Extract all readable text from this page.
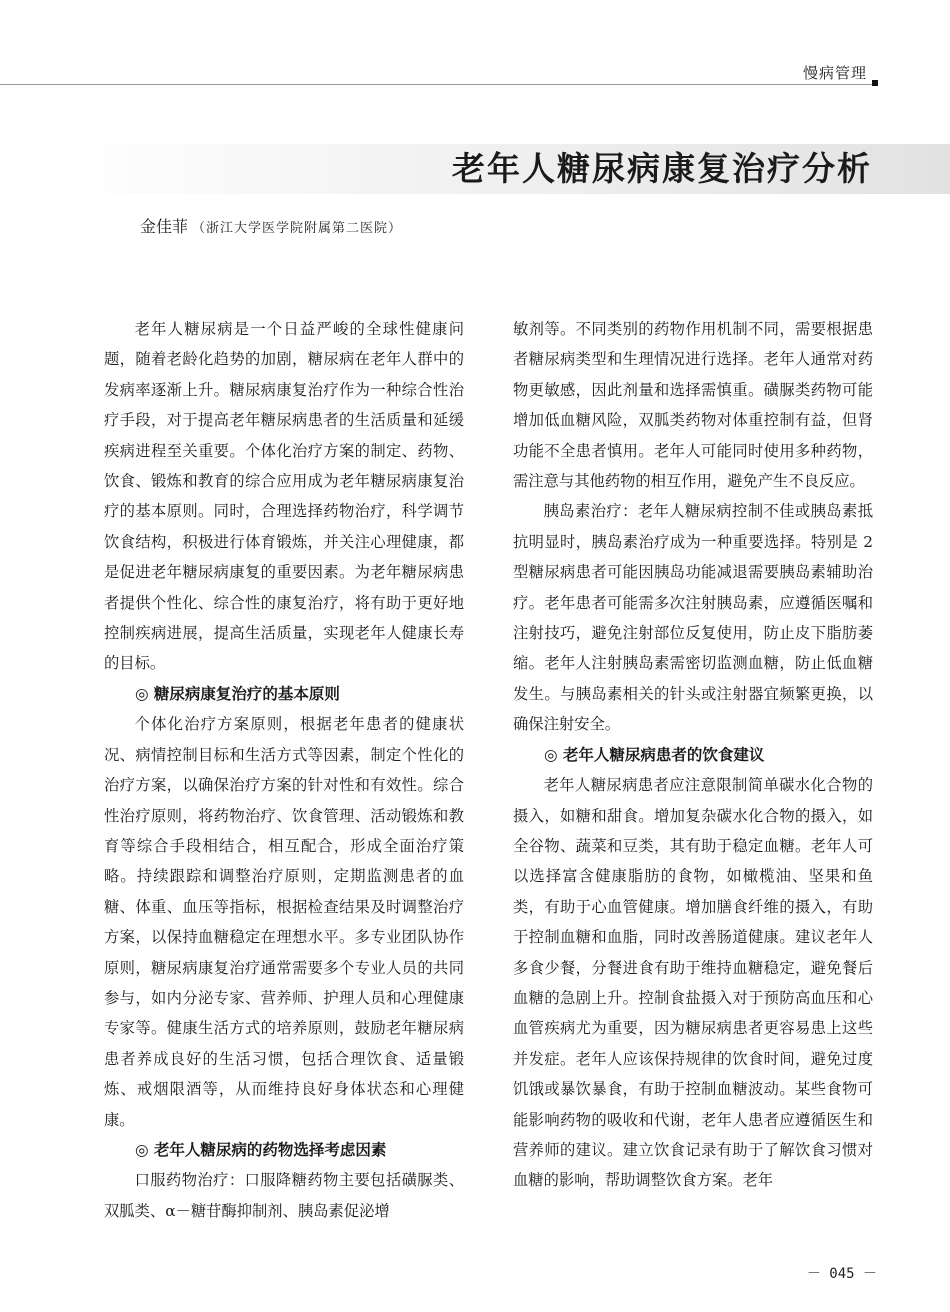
慢病管理
老年人糖尿病康复治疗分析
金佳菲 （浙江大学医学院附属第二医院）

老年人糖尿病是一个日益严峻的全球性健康问题，随着老龄化趋势的加剧，糖尿病在老年人群中的发病率逐渐上升。糖尿病康复治疗作为一种综合性治疗手段，对于提高老年糖尿病患者的生活质量和延缓疾病进程至关重要。个体化治疗方案的制定、药物、饮食、锻炼和教育的综合应用成为老年糖尿病康复治疗的基本原则。同时，合理选择药物治疗，科学调节饮食结构，积极进行体育锻炼，并关注心理健康，都是促进老年糖尿病康复的重要因素。为老年糖尿病患者提供个性化、综合性的康复治疗，将有助于更好地控制疾病进展，提高生活质量，实现老年人健康长寿的目标。

◎ 糖尿病康复治疗的基本原则

个体化治疗方案原则，根据老年患者的健康状况、病情控制目标和生活方式等因素，制定个性化的治疗方案，以确保治疗方案的针对性和有效性。综合性治疗原则，将药物治疗、饮食管理、活动锻炼和教育等综合手段相结合，相互配合，形成全面治疗策略。持续跟踪和调整治疗原则，定期监测患者的血糖、体重、血压等指标，根据检查结果及时调整治疗方案，以保持血糖稳定在理想水平。多专业团队协作原则，糖尿病康复治疗通常需要多个专业人员的共同参与，如内分泌专家、营养师、护理人员和心理健康专家等。健康生活方式的培养原则，鼓励老年糖尿病患者养成良好的生活习惯，包括合理饮食、适量锻炼、戒烟限酒等，从而维持良好身体状态和心理健康。

◎ 老年人糖尿病的药物选择考虑因素

口服药物治疗：口服降糖药物主要包括磺脲类、双胍类、α－糖苷酶抑制剂、胰岛素促泌增

敏剂等。不同类别的药物作用机制不同，需要根据患者糖尿病类型和生理情况进行选择。老年人通常对药物更敏感，因此剂量和选择需慎重。磺脲类药物可能增加低血糖风险，双胍类药物对体重控制有益，但肾功能不全患者慎用。老年人可能同时使用多种药物，需注意与其他药物的相互作用，避免产生不良反应。

胰岛素治疗：老年人糖尿病控制不佳或胰岛素抵抗明显时，胰岛素治疗成为一种重要选择。特别是 2 型糖尿病患者可能因胰岛功能减退需要胰岛素辅助治疗。老年患者可能需多次注射胰岛素，应遵循医嘱和注射技巧，避免注射部位反复使用，防止皮下脂肪萎缩。老年人注射胰岛素需密切监测血糖，防止低血糖发生。与胰岛素相关的针头或注射器宜频繁更换，以确保注射安全。

◎ 老年人糖尿病患者的饮食建议

老年人糖尿病患者应注意限制简单碳水化合物的摄入，如糖和甜食。增加复杂碳水化合物的摄入，如全谷物、蔬菜和豆类，其有助于稳定血糖。老年人可以选择富含健康脂肪的食物，如橄榄油、坚果和鱼类，有助于心血管健康。增加膳食纤维的摄入，有助于控制血糖和血脂，同时改善肠道健康。建议老年人多食少餐，分餐进食有助于维持血糖稳定，避免餐后血糖的急剧上升。控制食盐摄入对于预防高血压和心血管疾病尤为重要，因为糖尿病患者更容易患上这些并发症。老年人应该保持规律的饮食时间，避免过度饥饿或暴饮暴食，有助于控制血糖波动。某些食物可能影响药物的吸收和代谢，老年人患者应遵循医生和营养师的建议。建立饮食记录有助于了解饮食习惯对血糖的影响，帮助调整饮食方案。老年

－ 045 －
